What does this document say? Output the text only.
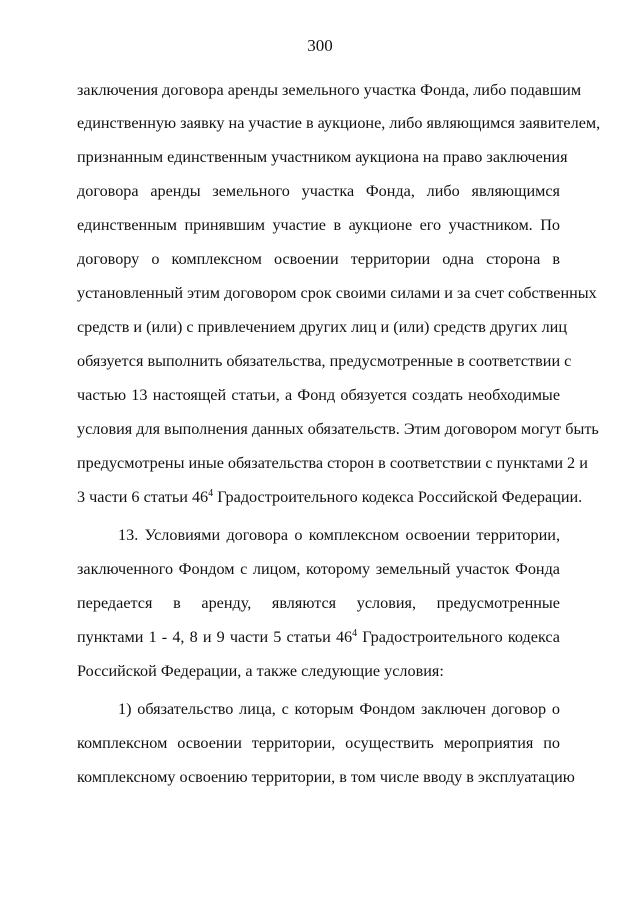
300
заключения договора аренды земельного участка Фонда, либо подавшим
единственную заявку на участие в аукционе, либо являющимся заявителем,
признанным единственным участником аукциона на право заключения
договора аренды земельного участка Фонда, либо являющимся
единственным принявшим участие в аукционе его участником. По
договору о комплексном освоении территории одна сторона в
установленный этим договором срок своими силами и за счет собственных
средств и (или) с привлечением других лиц и (или) средств других лиц
обязуется выполнить обязательства, предусмотренные в соответствии с
частью 13 настоящей статьи, а Фонд обязуется создать необходимые
условия для выполнения данных обязательств. Этим договором могут быть
предусмотрены иные обязательства сторон в соответствии с пунктами 2 и
3 части 6 статьи $46^4$ Градостроительного кодекса Российской Федерации.
13. Условиями договора о комплексном освоении территории,
заключенного Фондом с лицом, которому земельный участок Фонда
передается в аренду, являются условия, предусмотренные
пунктами 1 - 4, 8 и 9 части 5 статьи $46^4$ Градостроительного кодекса
Российской Федерации, а также следующие условия:
1) обязательство лица, с которым Фондом заключен договор о
комплексном освоении территории, осуществить мероприятия по
комплексному освоению территории, в том числе вводу в эксплуатацию
